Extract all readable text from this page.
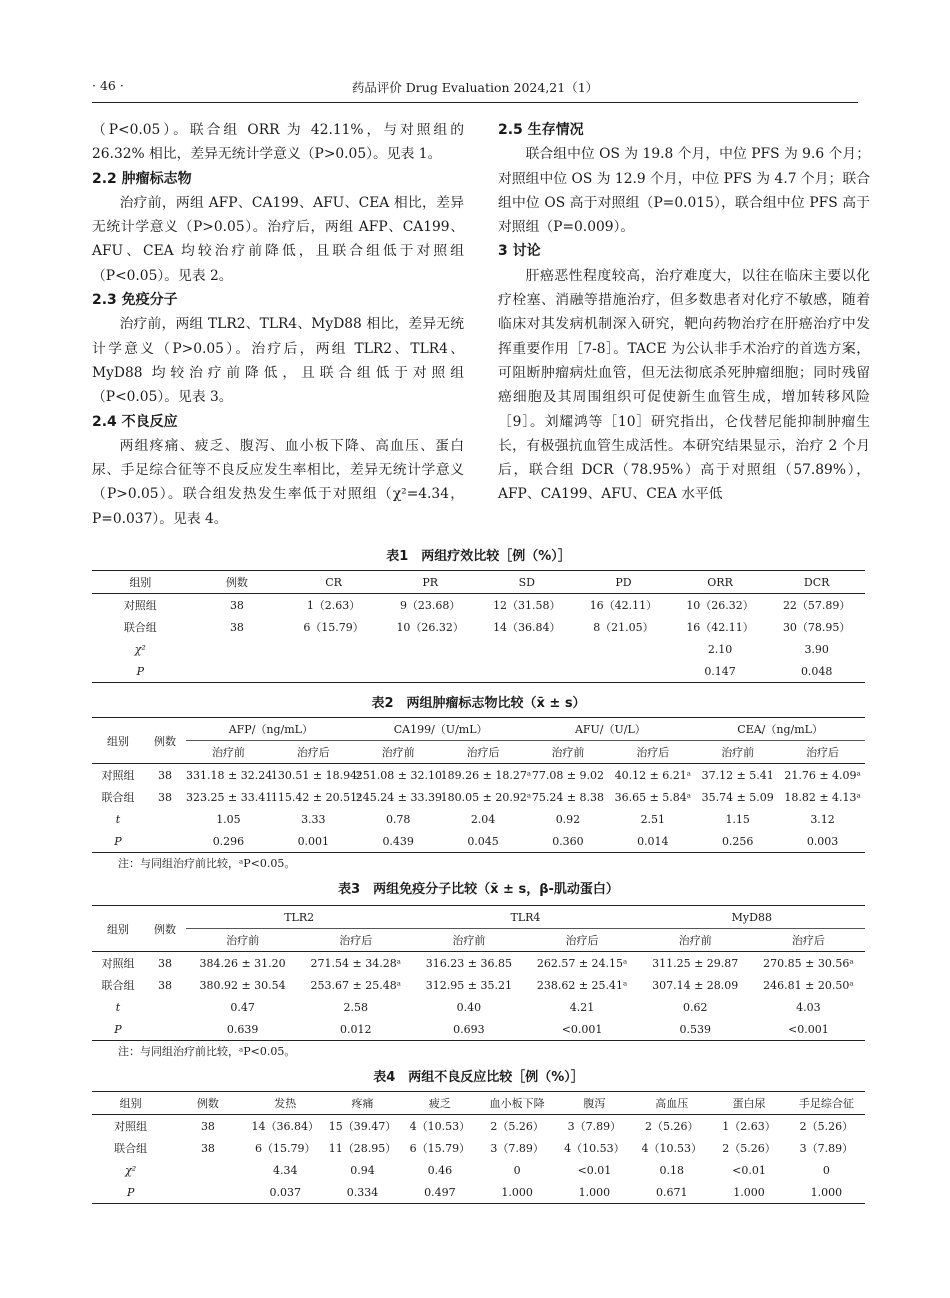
· 46 ·	药品评价 Drug Evaluation 2024,21（1）

（P<0.05）。联合组 ORR 为 42.11%，与对照组的 26.32% 相比，差异无统计学意义（P>0.05）。见表 1。

2.2 肿瘤标志物

治疗前，两组 AFP、CA199、AFU、CEA 相比，差异无统计学意义（P>0.05）。治疗后，两组 AFP、CA199、AFU、CEA 均较治疗前降低，且联合组低于对照组（P<0.05）。见表 2。

2.3 免疫分子

治疗前，两组 TLR2、TLR4、MyD88 相比，差异无统计学意义（P>0.05）。治疗后，两组 TLR2、TLR4、MyD88 均较治疗前降低，且联合组低于对照组（P<0.05）。见表 3。

2.4 不良反应

两组疼痛、疲乏、腹泻、血小板下降、高血压、蛋白尿、手足综合征等不良反应发生率相比，差异无统计学意义（P>0.05）。联合组发热发生率低于对照组（χ²=4.34，P=0.037）。见表 4。

2.5 生存情况

联合组中位 OS 为 19.8 个月，中位 PFS 为 9.6 个月；对照组中位 OS 为 12.9 个月，中位 PFS 为 4.7 个月；联合组中位 OS 高于对照组（P=0.015），联合组中位 PFS 高于对照组（P=0.009）。

3 讨论

肝癌恶性程度较高，治疗难度大，以往在临床主要以化疗栓塞、消融等措施治疗，但多数患者对化疗不敏感，随着临床对其发病机制深入研究，靶向药物治疗在肝癌治疗中发挥重要作用［7-8］。TACE 为公认非手术治疗的首选方案，可阻断肿瘤病灶血管，但无法彻底杀死肿瘤细胞；同时残留癌细胞及其周围组织可促使新生血管生成，增加转移风险［9］。刘耀鸿等［10］研究指出，仑伐替尼能抑制肿瘤生长，有极强抗血管生成活性。本研究结果显示，治疗 2 个月后，联合组 DCR（78.95%）高于对照组（57.89%），AFP、CA199、AFU、CEA 水平低

表1　两组疗效比较［例（%）］
组别	例数	CR	PR	SD	PD	ORR	DCR
对照组	38	1（2.63）	9（23.68）	12（31.58）	16（42.11）	10（26.32）	22（57.89）
联合组	38	6（15.79）	10（26.32）	14（36.84）	8（21.05）	16（42.11）	30（78.95）
χ²						2.10	3.90
P						0.147	0.048
表2　两组肿瘤标志物比较（x̄ ± s）
组别	例数	AFP/（ng/mL）		CA199/（U/mL）		AFU/（U/L）		CEA/（ng/mL）	
		治疗前	治疗后	治疗前	治疗后	治疗前	治疗后	治疗前	治疗后
对照组	38	331.18 ± 32.24	130.51 ± 18.94ᵃ	251.08 ± 32.10	189.26 ± 18.27ᵃ	77.08 ± 9.02	40.12 ± 6.21ᵃ	37.12 ± 5.41	21.76 ± 4.09ᵃ
联合组	38	323.25 ± 33.41	115.42 ± 20.51ᵃ	245.24 ± 33.39	180.05 ± 20.92ᵃ	75.24 ± 8.38	36.65 ± 5.84ᵃ	35.74 ± 5.09	18.82 ± 4.13ᵃ
t		1.05	3.33	0.78	2.04	0.92	2.51	1.15	3.12
P		0.296	0.001	0.439	0.045	0.360	0.014	0.256	0.003
注：与同组治疗前比较，ᵃP<0.05。
表3　两组免疫分子比较（x̄ ± s，β-肌动蛋白）
组别	例数	TLR2		TLR4		MyD88	
		治疗前	治疗后	治疗前	治疗后	治疗前	治疗后
对照组	38	384.26 ± 31.20	271.54 ± 34.28ᵃ	316.23 ± 36.85	262.57 ± 24.15ᵃ	311.25 ± 29.87	270.85 ± 30.56ᵃ
联合组	38	380.92 ± 30.54	253.67 ± 25.48ᵃ	312.95 ± 35.21	238.62 ± 25.41ᵃ	307.14 ± 28.09	246.81 ± 20.50ᵃ
t		0.47	2.58	0.40	4.21	0.62	4.03
P		0.639	0.012	0.693	<0.001	0.539	<0.001
注：与同组治疗前比较，ᵃP<0.05。
表4　两组不良反应比较［例（%）］
组别	例数	发热	疼痛	疲乏	血小板下降	腹泻	高血压	蛋白尿	手足综合征
对照组	38	14（36.84）	15（39.47）	4（10.53）	2（5.26）	3（7.89）	2（5.26）	1（2.63）	2（5.26）
联合组	38	6（15.79）	11（28.95）	6（15.79）	3（7.89）	4（10.53）	4（10.53）	2（5.26）	3（7.89）
χ²		4.34	0.94	0.46	0	<0.01	0.18	<0.01	0
P		0.037	0.334	0.497	1.000	1.000	0.671	1.000	1.000
